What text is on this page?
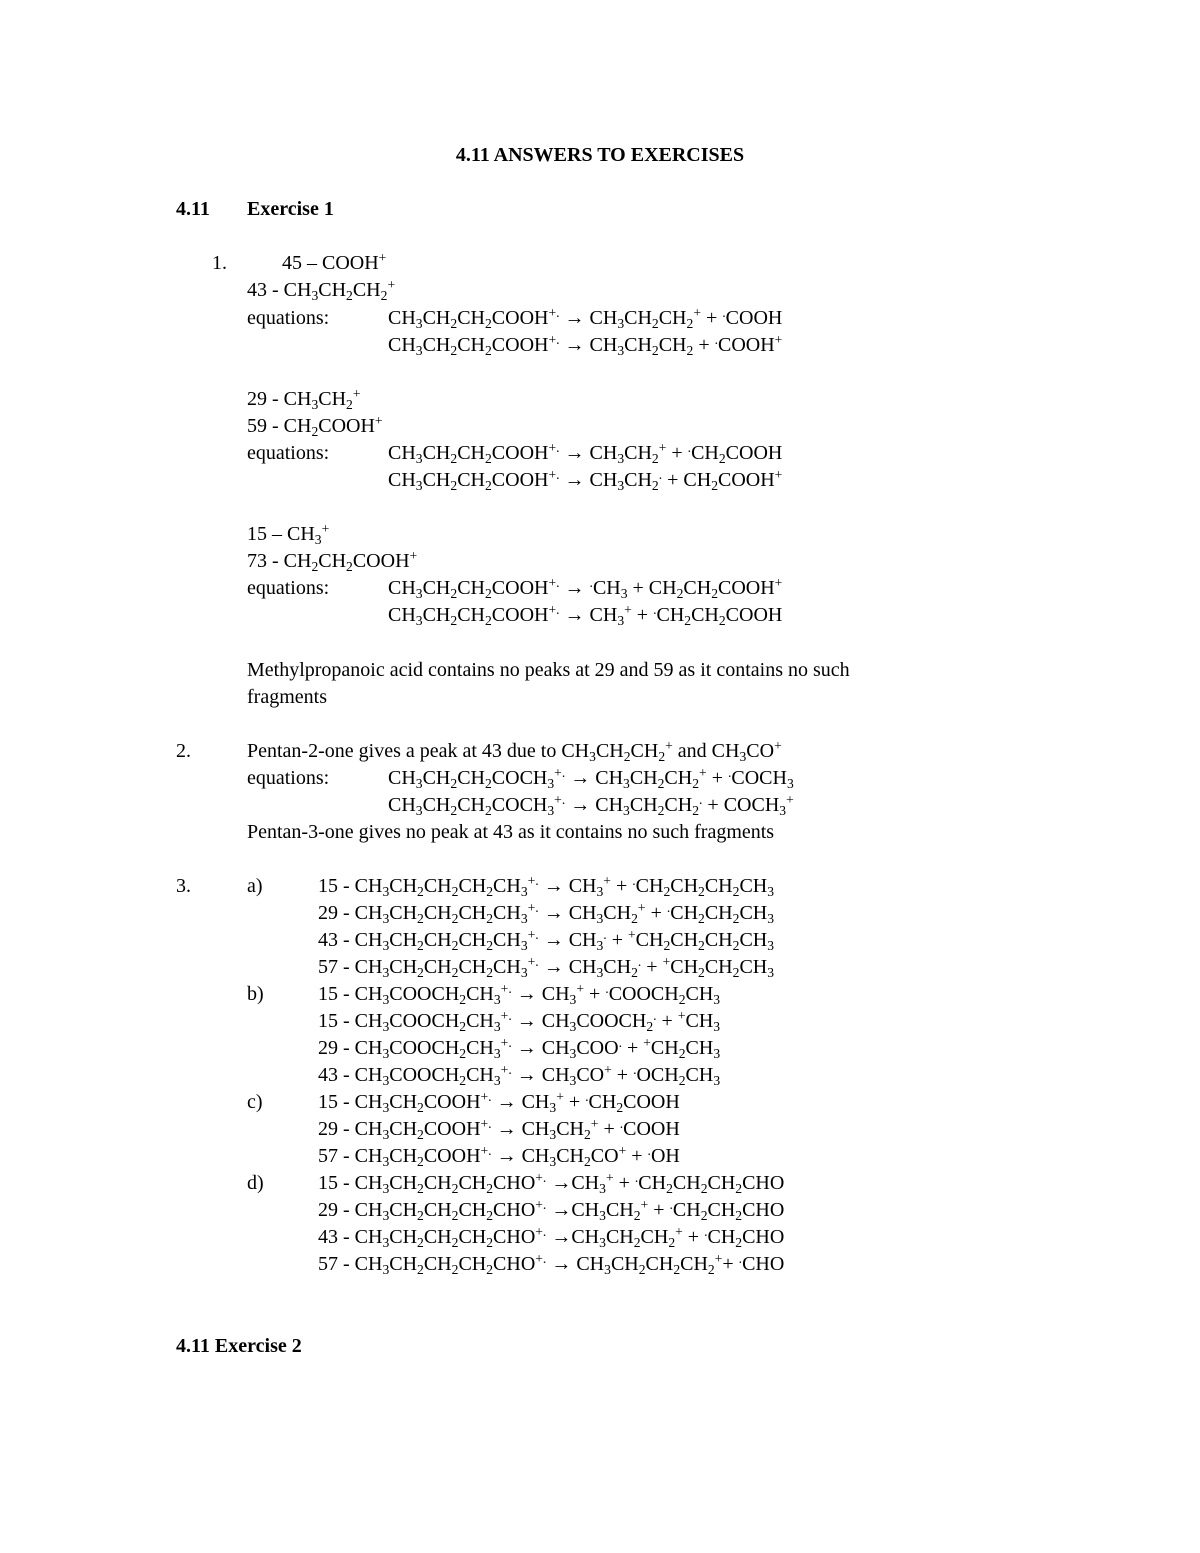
4.11 ANSWERS TO EXERCISES
4.11 Exercise 1
1.	45 – COOH+
$43 - CH_3CH_2CH_2^+$
equations:	$CH_3CH_2CH_2COOH^{+.} \to CH_3CH_2CH_2^+$ + .COOH
$CH_3CH_2CH_2COOH^{+.} \to CH_3CH_2CH_2$ + .COOH+
$29 - CH_3CH_2^+$
$59 - CH_2COOH^+$
equations:	$CH_3CH_2CH_2COOH^{+.} \to CH_3CH_2^+$ + $^.CH_2COOH$
$CH_3CH_2CH_2COOH^{+.} \to CH_3CH_2^.$ + $CH_2COOH^+$
$15 - CH_3^+$
$73 - CH_2CH_2COOH^+$
equations:	$CH_3CH_2CH_2COOH^{+.} \to ^.CH_3$ + $CH_2CH_2COOH^+$
$CH_3CH_2CH_2COOH^{+.} \to CH_3^+$ + $^.CH_2CH_2COOH$
Methylpropanoic acid contains no peaks at 29 and 59 as it contains no such
fragments
2.	Pentan-2-one gives a peak at 43 due to $CH_3CH_2CH_2^+$ and $CH_3CO^+$
equations:	$CH_3CH_2CH_2COCH_3^{+.} \to CH_3CH_2CH_2^+$ + $^.COCH_3$
$CH_3CH_2CH_2COCH_3^{+.} \to CH_3CH_2CH_2^.$ + $COCH_3^+$
Pentan-3-one gives no peak at 43 as it contains no such fragments
3.	a)	$15 - CH_3CH_2CH_2CH_2CH_3^{+.} \to CH_3^+ + ^.CH_2CH_2CH_2CH_3$
$29 - CH_3CH_2CH_2CH_2CH_3^{+.} \to CH_3CH_2^+ + ^.CH_2CH_2CH_3$
$43 - CH_3CH_2CH_2CH_2CH_3^{+.} \to CH_3^. + ^+CH_2CH_2CH_2CH_3$
$57 - CH_3CH_2CH_2CH_2CH_3^{+.} \to CH_3CH_2^. + ^+CH_2CH_2CH_3$
b)	$15 - CH_3COOCH_2CH_3^{+.} \to CH_3^+$ + $^.COOCH_2CH_3$
$15 - CH_3COOCH_2CH_3^{+.}$ → $CH_3COOCH_2^. + ^+CH_3$
$29 - CH_3COOCH_2CH_3^{+.} \to CH_3COO^. + ^+CH_2CH_3$
$43 - CH_3COOCH_2CH_3^{+.} \to CH_3CO^+ + ^.OCH_2CH_3$
c)	$15 - CH_3CH_2COOH^{+.} \to CH_3^+$ + $^.CH_2COOH$
$29 - CH_3CH_2COOH^{+.} \to CH_3CH_2^+$ + .COOH
$57 - CH_3CH_2COOH^{+.} \to CH_3CH_2CO^+ + ^.OH$
d)	$15 - CH_3CH_2CH_2CH_2CHO^{+.} \to CH_3^+ + ^.CH_2CH_2CH_2CHO$
$29 - CH_3CH_2CH_2CH_2CHO^{+.} \to CH_3CH_2^+ + ^.CH_2CH_2CHO$
$43 - CH_3CH_2CH_2CH_2CHO^{+.} \to CH_3CH_2CH_2^+ + ^.CH_2CHO$
$57 - CH_3CH_2CH_2CH_2CHO^{+.} \to CH_3CH_2CH_2CH_2^++ ^.CHO$
4.11 Exercise 2
